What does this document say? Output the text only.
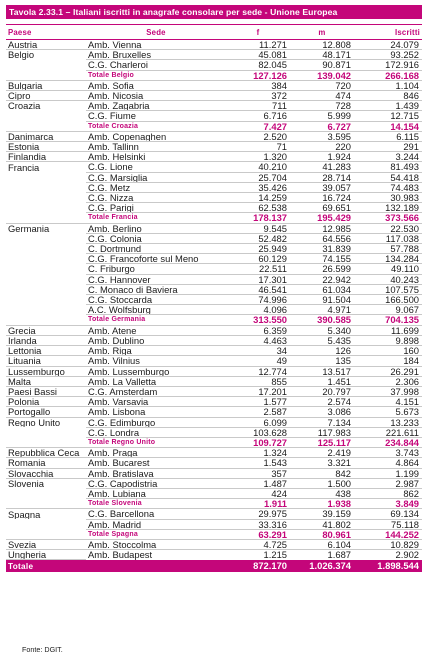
Tavola 2.33.1 – Italiani iscritti in anagrafe consolare per sede - Unione Europea
Paese	Sede	f	m	Iscritti
Austria	Amb. Vienna	11.271	12.808	24.079
Belgio	Amb. Bruxelles	45.081	48.171	93.252
	C.G. Charleroi	82.045	90.871	172.916
	Totale Belgio	127.126	139.042	266.168
Bulgaria	Amb. Sofia	384	720	1.104
Cipro	Amb. Nicosia	372	474	846
Croazia	Amb. Zagabria	711	728	1.439
	C.G. Fiume	6.716	5.999	12.715
	Totale Croazia	7.427	6.727	14.154
Danimarca	Amb. Copenaghen	2.520	3.595	6.115
Estonia	Amb. Tallinn	71	220	291
Finlandia	Amb. Helsinki	1.320	1.924	3.244
Francia	C.G. Lione	40.210	41.283	81.493
	C.G. Marsiglia	25.704	28.714	54.418
	C.G. Metz	35.426	39.057	74.483
	C.G. Nizza	14.259	16.724	30.983
	C.G. Parigi	62.538	69.651	132.189
	Totale Francia	178.137	195.429	373.566
Germania	Amb. Berlino	9.545	12.985	22.530
	C.G. Colonia	52.482	64.556	117.038
	C. Dortmund	25.949	31.839	57.788
	C.G. Francoforte sul Meno	60.129	74.155	134.284
	C. Friburgo	22.511	26.599	49.110
	C.G. Hannover	17.301	22.942	40.243
	C. Monaco di Baviera	46.541	61.034	107.575
	C.G. Stoccarda	74.996	91.504	166.500
	A.C. Wolfsburg	4.096	4.971	9.067
	Totale Germania	313.550	390.585	704.135
Grecia	Amb. Atene	6.359	5.340	11.699
Irlanda	Amb. Dublino	4.463	5.435	9.898
Lettonia	Amb. Riga	34	126	160
Lituania	Amb. Vilnius	49	135	184
Lussemburgo	Amb. Lussemburgo	12.774	13.517	26.291
Malta	Amb. La Valletta	855	1.451	2.306
Paesi Bassi	C.G. Amsterdam	17.201	20.797	37.998
Polonia	Amb. Varsavia	1.577	2.574	4.151
Portogallo	Amb. Lisbona	2.587	3.086	5.673
Regno Unito	C.G. Edimburgo	6.099	7.134	13.233
	C.G. Londra	103.628	117.983	221.611
	Totale Regno Unito	109.727	125.117	234.844
Repubblica Ceca	Amb. Praga	1.324	2.419	3.743
Romania	Amb. Bucarest	1.543	3.321	4.864
Slovacchia	Amb. Bratislava	357	842	1.199
Slovenia	C.G. Capodistria	1.487	1.500	2.987
	Amb. Lubiana	424	438	862
	Totale Slovenia	1.911	1.938	3.849
Spagna	C.G. Barcellona	29.975	39.159	69.134
	Amb. Madrid	33.316	41.802	75.118
	Totale Spagna	63.291	80.961	144.252
Svezia	Amb. Stoccolma	4.725	6.104	10.829
Ungheria	Amb. Budapest	1.215	1.687	2.902
Totale		872.170	1.026.374	1.898.544
Fonte: DGIT.
